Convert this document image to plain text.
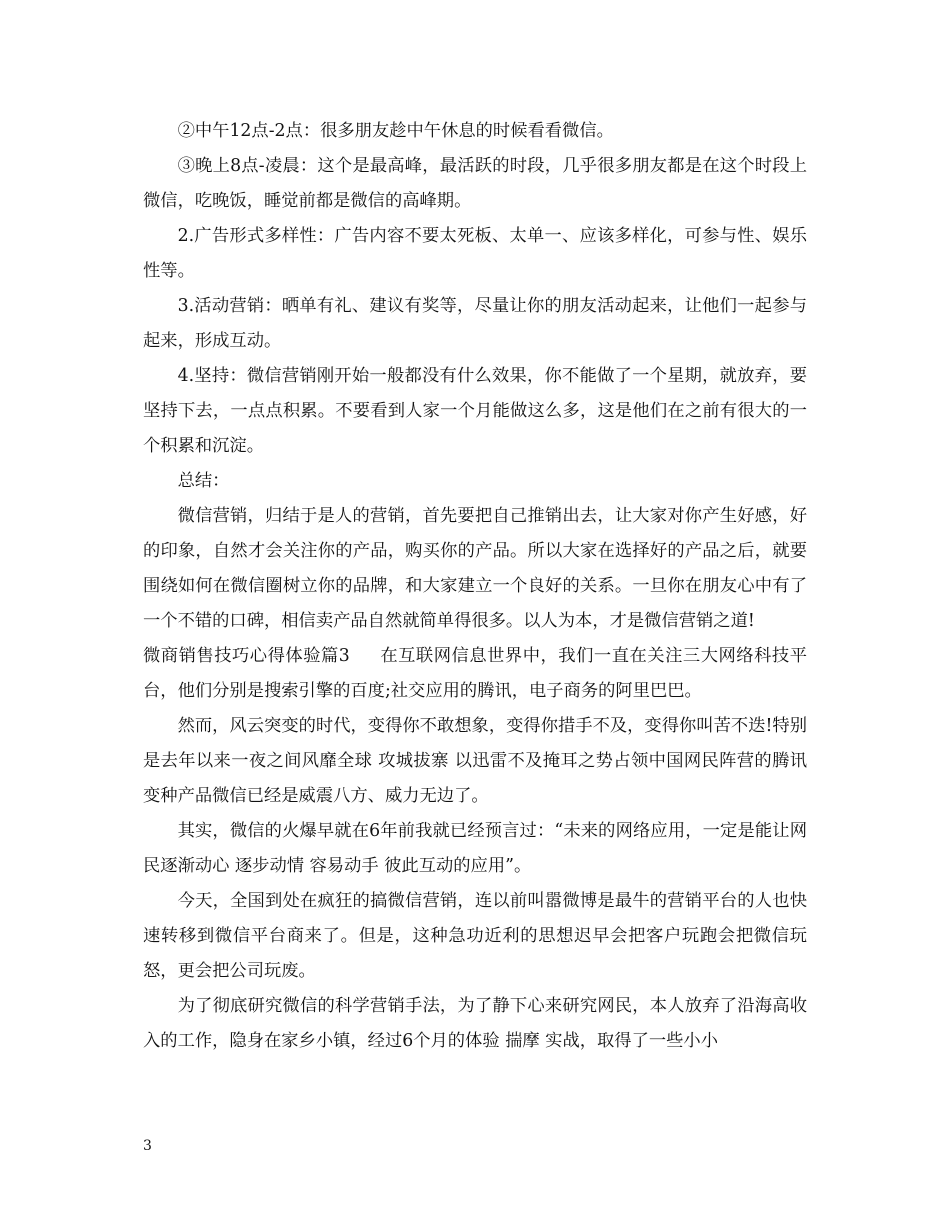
②中午12点-2点：很多朋友趁中午休息的时候看看微信。

③晚上8点-凌晨：这个是最高峰，最活跃的时段，几乎很多朋友都是在这个时段上微信，吃晚饭，睡觉前都是微信的高峰期。

2.广告形式多样性：广告内容不要太死板、太单一、应该多样化，可参与性、娱乐性等。

3.活动营销：晒单有礼、建议有奖等，尽量让你的朋友活动起来，让他们一起参与起来，形成互动。

4.坚持：微信营销刚开始一般都没有什么效果，你不能做了一个星期，就放弃，要坚持下去，一点点积累。不要看到人家一个月能做这么多，这是他们在之前有很大的一个积累和沉淀。

总结：

微信营销，归结于是人的营销，首先要把自己推销出去，让大家对你产生好感，好的印象，自然才会关注你的产品，购买你的产品。所以大家在选择好的产品之后，就要围绕如何在微信圈树立你的品牌，和大家建立一个良好的关系。一旦你在朋友心中有了一个不错的口碑，相信卖产品自然就简单得很多。以人为本，才是微信营销之道!

微商销售技巧心得体验篇3 在互联网信息世界中，我们一直在关注三大网络科技平台，他们分别是搜索引擎的百度;社交应用的腾讯，电子商务的阿里巴巴。

然而，风云突变的时代，变得你不敢想象，变得你措手不及，变得你叫苦不迭!特别是去年以来一夜之间风靡全球 攻城拔寨 以迅雷不及掩耳之势占领中国网民阵营的腾讯变种产品微信已经是威震八方、威力无边了。

其实，微信的火爆早就在6年前我就已经预言过：“未来的网络应用，一定是能让网民逐渐动心 逐步动情 容易动手 彼此互动的应用”。

今天，全国到处在疯狂的搞微信营销，连以前叫嚣微博是最牛的营销平台的人也快速转移到微信平台商来了。但是，这种急功近利的思想迟早会把客户玩跑会把微信玩怒，更会把公司玩废。

为了彻底研究微信的科学营销手法，为了静下心来研究网民，本人放弃了沿海高收入的工作，隐身在家乡小镇，经过6个月的体验 揣摩 实战，取得了一些小小

3
